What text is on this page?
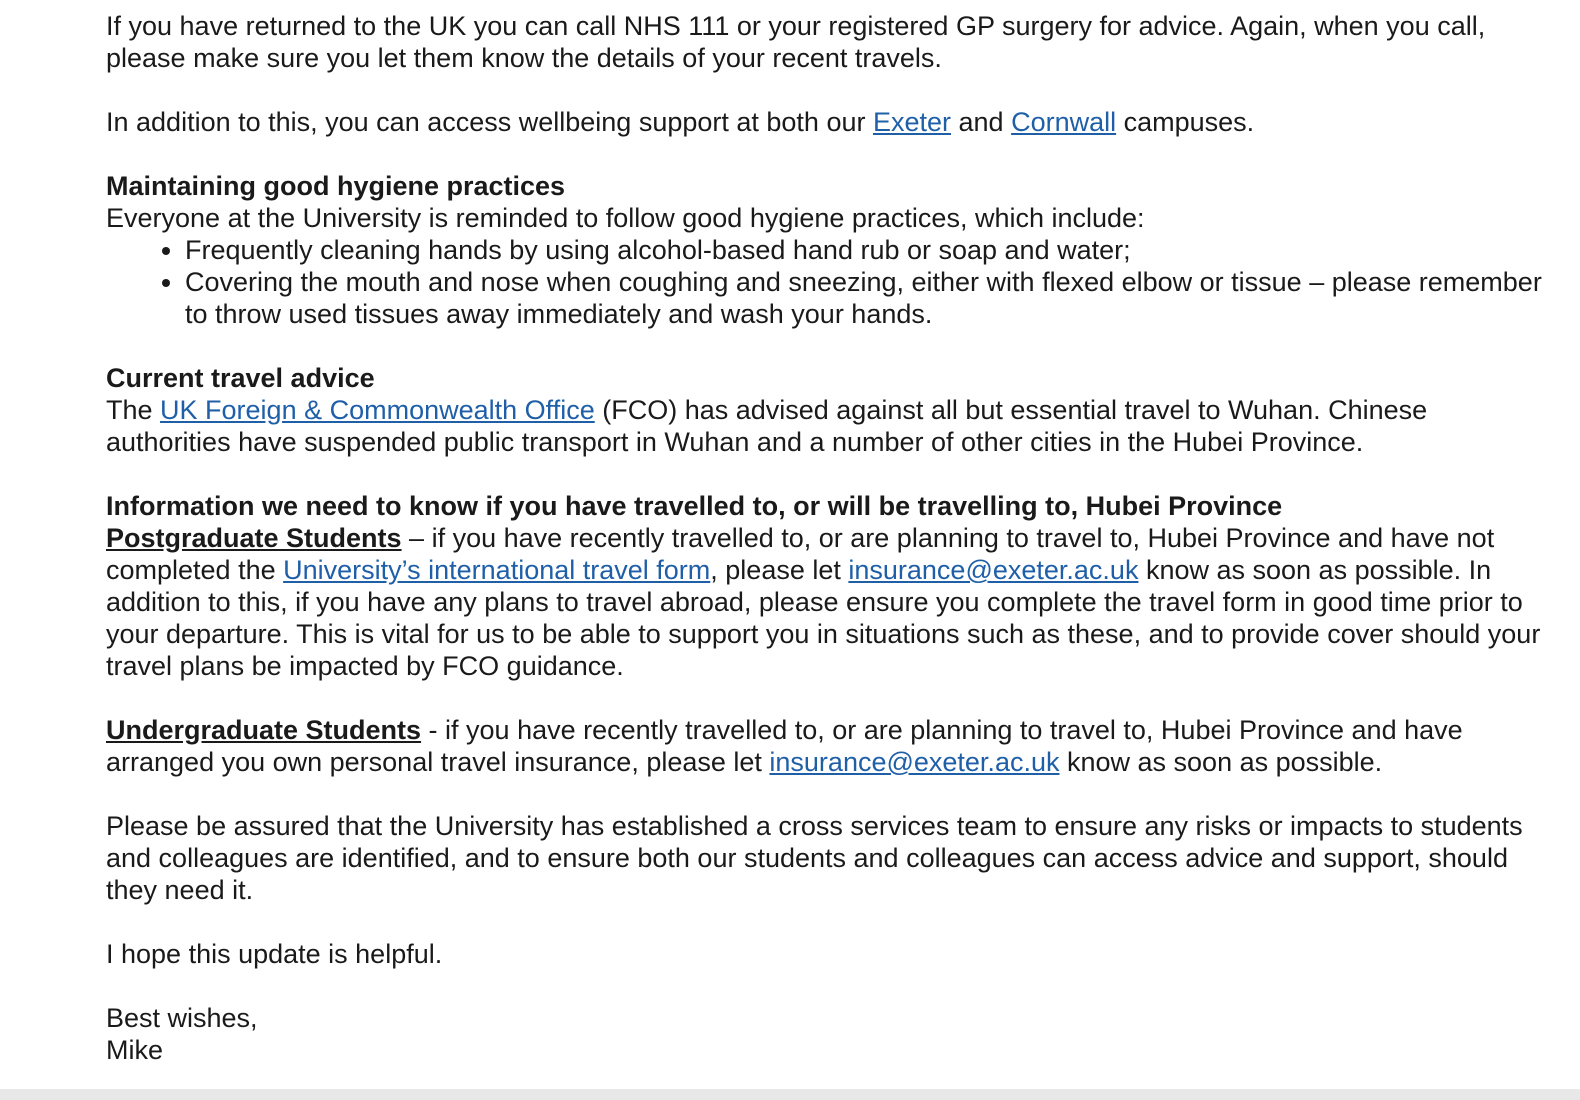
If you have returned to the UK you can call NHS 111 or your registered GP surgery for advice. Again, when you call, please make sure you let them know the details of your recent travels.

In addition to this, you can access wellbeing support at both our Exeter and Cornwall campuses.

Maintaining good hygiene practices

Everyone at the University is reminded to follow good hygiene practices, which include:

• Frequently cleaning hands by using alcohol-based hand rub or soap and water;
• Covering the mouth and nose when coughing and sneezing, either with flexed elbow or tissue – please remember to throw used tissues away immediately and wash your hands.
Current travel advice

The UK Foreign & Commonwealth Office (FCO) has advised against all but essential travel to Wuhan. Chinese authorities have suspended public transport in Wuhan and a number of other cities in the Hubei Province.

Information we need to know if you have travelled to, or will be travelling to, Hubei Province

Postgraduate Students – if you have recently travelled to, or are planning to travel to, Hubei Province and have not completed the University’s international travel form, please let insurance@exeter.ac.uk know as soon as possible. In addition to this, if you have any plans to travel abroad, please ensure you complete the travel form in good time prior to your departure. This is vital for us to be able to support you in situations such as these, and to provide cover should your travel plans be impacted by FCO guidance.

Undergraduate Students - if you have recently travelled to, or are planning to travel to, Hubei Province and have arranged you own personal travel insurance, please let insurance@exeter.ac.uk know as soon as possible.

Please be assured that the University has established a cross services team to ensure any risks or impacts to students and colleagues are identified, and to ensure both our students and colleagues can access advice and support, should they need it.

I hope this update is helpful.

Best wishes,
Mike
